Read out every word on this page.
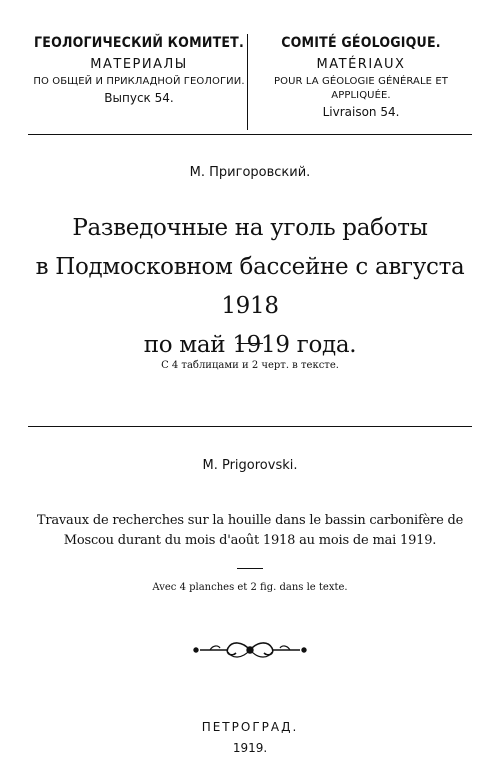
ГЕОЛОГИЧЕСКИЙ КОМИТЕТ.
МАТЕРИАЛЫ
ПО ОБЩЕЙ И ПРИКЛАДНОЙ ГЕОЛОГИИ.
Выпуск 54.
COMITÉ GÉOLOGIQUE.
MATÉRIAUX
POUR LA GÉOLOGIE GÉNÉRALE ET APPLIQUÉE.
Livraison 54.
М. Пригоровский.
Разведочные на уголь работы
в Подмосковном бассейне с августа 1918
по май 1919 года.
С 4 таблицами и 2 черт. в тексте.
M. Prigorovski.
Travaux de recherches sur la houille dans le bassin carbonifère de
Moscou durant du mois d'août 1918 au mois de mai 1919.
Avec 4 planches et 2 fig. dans le texte.
ПЕТРОГРАД.
1919.
